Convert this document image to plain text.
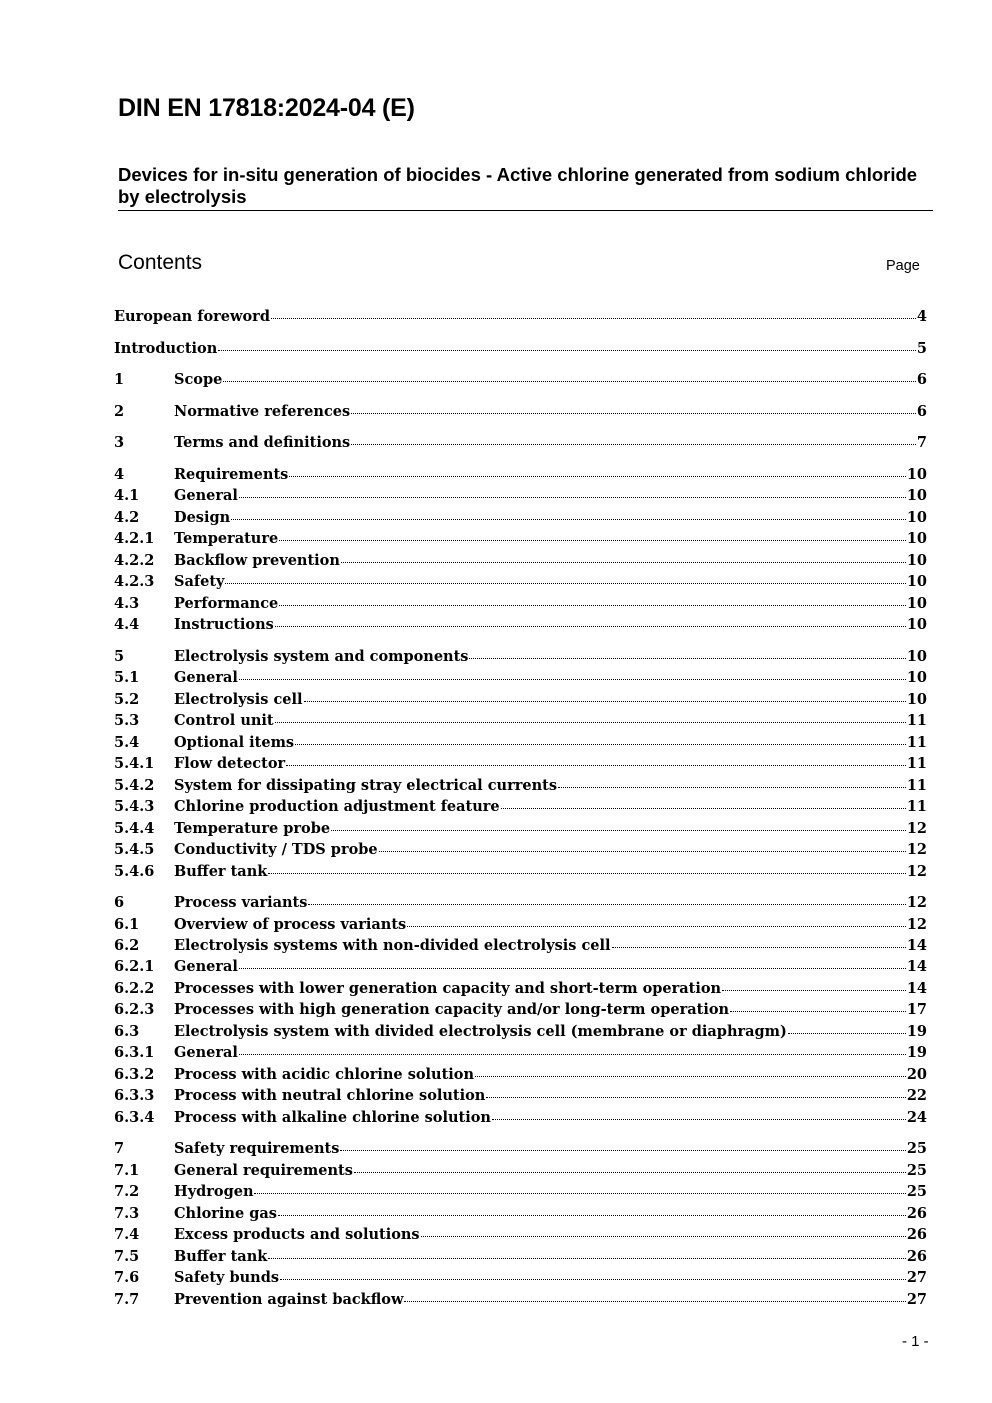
DIN EN 17818:2024-04 (E)
Devices for in-situ generation of biocides - Active chlorine generated from sodium chloride by electrolysis
Contents	Page
European foreword	4
Introduction	5
1	Scope	6
2	Normative references	6
3	Terms and definitions	7
4	Requirements	10
4.1	General	10
4.2	Design	10
4.2.1	Temperature	10
4.2.2	Backflow prevention	10
4.2.3	Safety	10
4.3	Performance	10
4.4	Instructions	10
5	Electrolysis system and components	10
5.1	General	10
5.2	Electrolysis cell	10
5.3	Control unit	11
5.4	Optional items	11
5.4.1	Flow detector	11
5.4.2	System for dissipating stray electrical currents	11
5.4.3	Chlorine production adjustment feature	11
5.4.4	Temperature probe	12
5.4.5	Conductivity / TDS probe	12
5.4.6	Buffer tank	12
6	Process variants	12
6.1	Overview of process variants	12
6.2	Electrolysis systems with non-divided electrolysis cell	14
6.2.1	General	14
6.2.2	Processes with lower generation capacity and short-term operation	14
6.2.3	Processes with high generation capacity and/or long-term operation	17
6.3	Electrolysis system with divided electrolysis cell (membrane or diaphragm)	19
6.3.1	General	19
6.3.2	Process with acidic chlorine solution	20
6.3.3	Process with neutral chlorine solution	22
6.3.4	Process with alkaline chlorine solution	24
7	Safety requirements	25
7.1	General requirements	25
7.2	Hydrogen	25
7.3	Chlorine gas	26
7.4	Excess products and solutions	26
7.5	Buffer tank	26
7.6	Safety bunds	27
7.7	Prevention against backflow	27
- 1 -
